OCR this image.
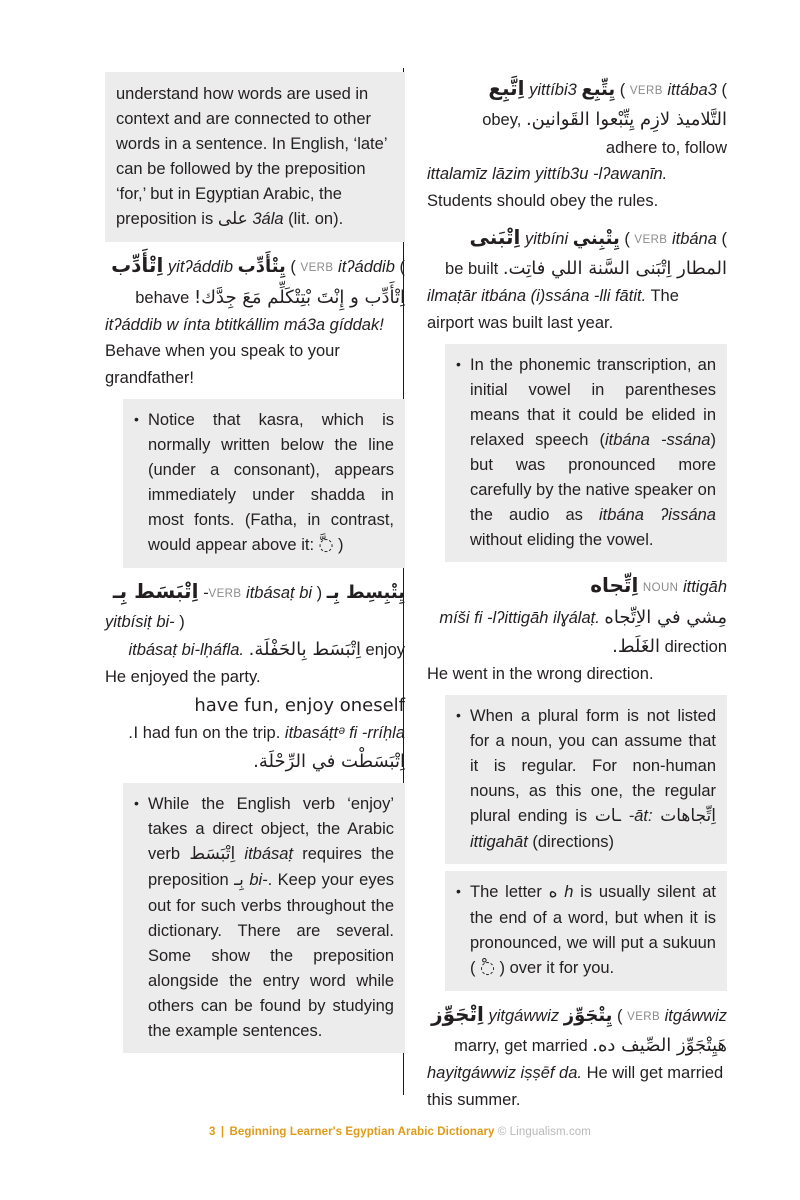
understand how words are used in context and are connected to other words in a sentence. In English, ‘late’ can be followed by the preposition ‘for,’ but in Egyptian Arabic, the preposition is على 3ála (lit. on).

) yitʔáddib يِتْأَدِّب ( VERB itʔáddib اِتْأَدِّب
اِتْأَدِّب و إِنْتَ بْتِتْكَلِّم مَعَ جِدَّك! behave
itʔáddib w ínta btitkállim má3a gíddak!
Behave when you speak to your grandfather!
• Notice that kasra, which is normally written below the line (under a consonant), appears immediately under shadda in most fonts. (Fatha, in contrast, would appear above it: ◌َّ )
يِتْبِسِط بِـ ( VERB itbásaṭ bi- اِتْبَسَط بِـ
yitbísiṭ bi- )
itbásaṭ bi-lḥáfla. اِتْبَسَط بِالحَفْلَة. enjoy
He enjoyed the party.
have fun, enjoy oneself
I had fun on the trip. itbasáṭtᵊ fi -rríḥla. اِتْبَسَطْت في الرِّحْلَة.
• While the English verb ‘enjoy’ takes a direct object, the Arabic verb اِتْبَسَط itbásaṭ requires the preposition بِـ bi-. Keep your eyes out for such verbs throughout the dictionary. There are several. Some show the preposition alongside the entry word while others can be found by studying the example sentences.
) yittíbi3 يِتِّبِع ( VERB ittába3 اِتَّبِع
التَّلاميذ لازِم يِتِّبْعوا القَوانين. obey, adhere to, follow
ittalamīz lāzim yittíb3u -lʔawanīn. Students should obey the rules.
) yitbíni يِتْبِني ( VERB itbána اِتْبَنى
المطار اِتْبَنى السَّنة اللي فاتِت. be built
ilmaṭār itbána (i)ssána -lli fātit. The airport was built last year.
• In the phonemic transcription, an initial vowel in parentheses means that it could be elided in relaxed speech (itbána -ssána) but was pronounced more carefully by the native speaker on the audio as itbána ʔissána without eliding the vowel.
NOUN ittigāh اِتِّجاه
míši fi -lʔittigāh ilɣálaṭ. مِشي في الاِتِّجاه الغَلَط. direction
He went in the wrong direction.
• When a plural form is not listed for a noun, you can assume that it is regular. For non-human nouns, as this one, the regular plural ending is ـات -āt: اِتِّجاهات ittigahāt (directions)
• The letter ه h is usually silent at the end of a word, but when it is pronounced, we will put a sukuun ( ◌ْ ) over it for you.
yitgáwwiz يِتْجَوِّز ( VERB itgáwwiz اِتْجَوِّز
هَيِتْجَوِّز الصِّيف ده. marry, get married
hayitgáwwiz iṣṣēf da. He will get married this summer.
3 | Beginning Learner's Egyptian Arabic Dictionary © Lingualism.com
